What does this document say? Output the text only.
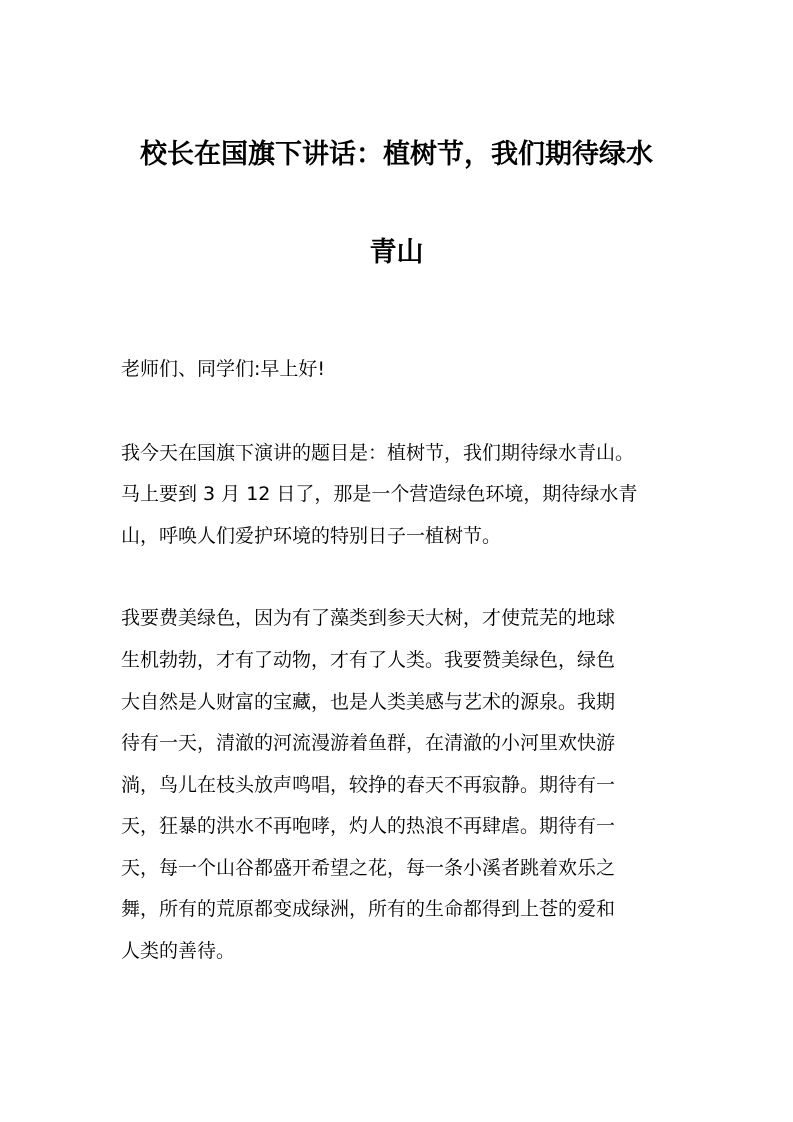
校长在国旗下讲话：植树节，我们期待绿水
青山
老师们、同学们:早上好!
我今天在国旗下演讲的题目是：植树节，我们期待绿水青山。
马上要到 3 月 12 日了，那是一个营造绿色环境，期待绿水青
山，呼唤人们爱护环境的特别日子一植树节。
我要费美绿色，因为有了藻类到参天大树，才使荒芜的地球
生机勃勃，才有了动物，才有了人类。我要赞美绿色，绿色
大自然是人财富的宝藏，也是人类美感与艺术的源泉。我期
待有一天，清澈的河流漫游着鱼群，在清澈的小河里欢快游
淌，鸟儿在枝头放声鸣唱，较挣的春天不再寂静。期待有一
天，狂暴的洪水不再咆哮，灼人的热浪不再肆虐。期待有一
天，每一个山谷都盛开希望之花，每一条小溪者跳着欢乐之
舞，所有的荒原都变成绿洲，所有的生命都得到上苍的爱和
人类的善待。
